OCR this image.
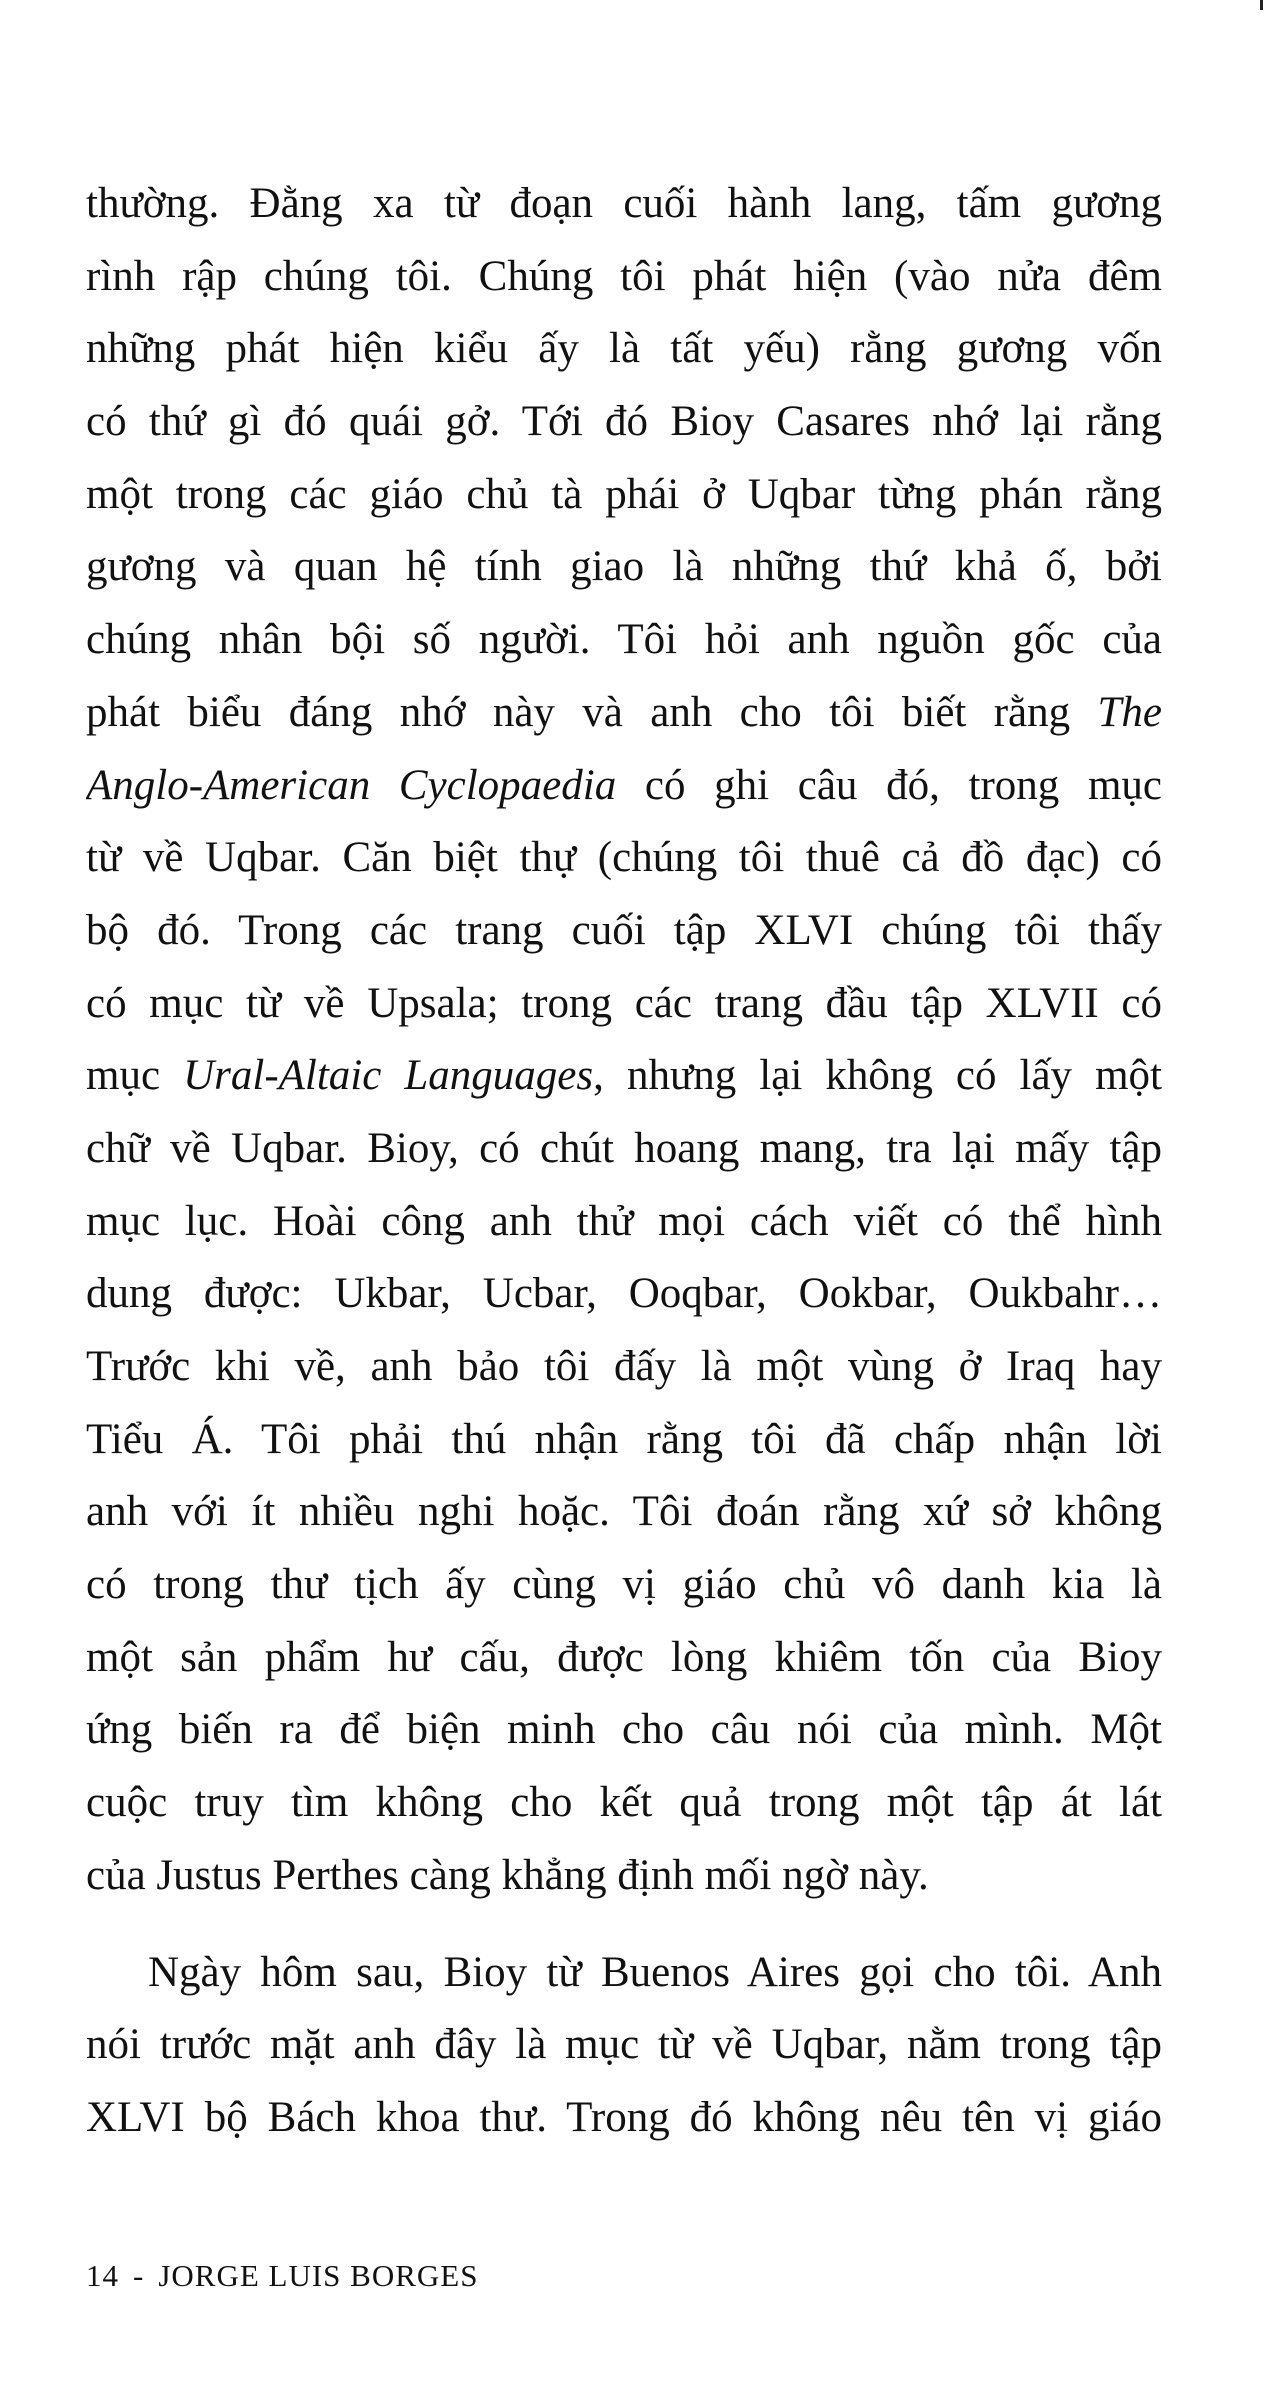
thường. Đằng xa từ đoạn cuối hành lang, tấm gương
rình rập chúng tôi. Chúng tôi phát hiện (vào nửa đêm
những phát hiện kiểu ấy là tất yếu) rằng gương vốn
có thứ gì đó quái gở. Tới đó Bioy Casares nhớ lại rằng
một trong các giáo chủ tà phái ở Uqbar từng phán rằng
gương và quan hệ tính giao là những thứ khả ố, bởi
chúng nhân bội số người. Tôi hỏi anh nguồn gốc của
phát biểu đáng nhớ này và anh cho tôi biết rằng The
Anglo-American Cyclopaedia có ghi câu đó, trong mục
từ về Uqbar. Căn biệt thự (chúng tôi thuê cả đồ đạc) có
bộ đó. Trong các trang cuối tập XLVI chúng tôi thấy
có mục từ về Upsala; trong các trang đầu tập XLVII có
mục Ural-Altaic Languages, nhưng lại không có lấy một
chữ về Uqbar. Bioy, có chút hoang mang, tra lại mấy tập
mục lục. Hoài công anh thử mọi cách viết có thể hình
dung được: Ukbar, Ucbar, Ooqbar, Ookbar, Oukbahr…
Trước khi về, anh bảo tôi đấy là một vùng ở Iraq hay
Tiểu Á. Tôi phải thú nhận rằng tôi đã chấp nhận lời
anh với ít nhiều nghi hoặc. Tôi đoán rằng xứ sở không
có trong thư tịch ấy cùng vị giáo chủ vô danh kia là
một sản phẩm hư cấu, được lòng khiêm tốn của Bioy
ứng biến ra để biện minh cho câu nói của mình. Một
cuộc truy tìm không cho kết quả trong một tập át lát
của Justus Perthes càng khẳng định mối ngờ này.
Ngày hôm sau, Bioy từ Buenos Aires gọi cho tôi. Anh
nói trước mặt anh đây là mục từ về Uqbar, nằm trong tập
XLVI bộ Bách khoa thư. Trong đó không nêu tên vị giáo
14 - JORGE LUIS BORGES
